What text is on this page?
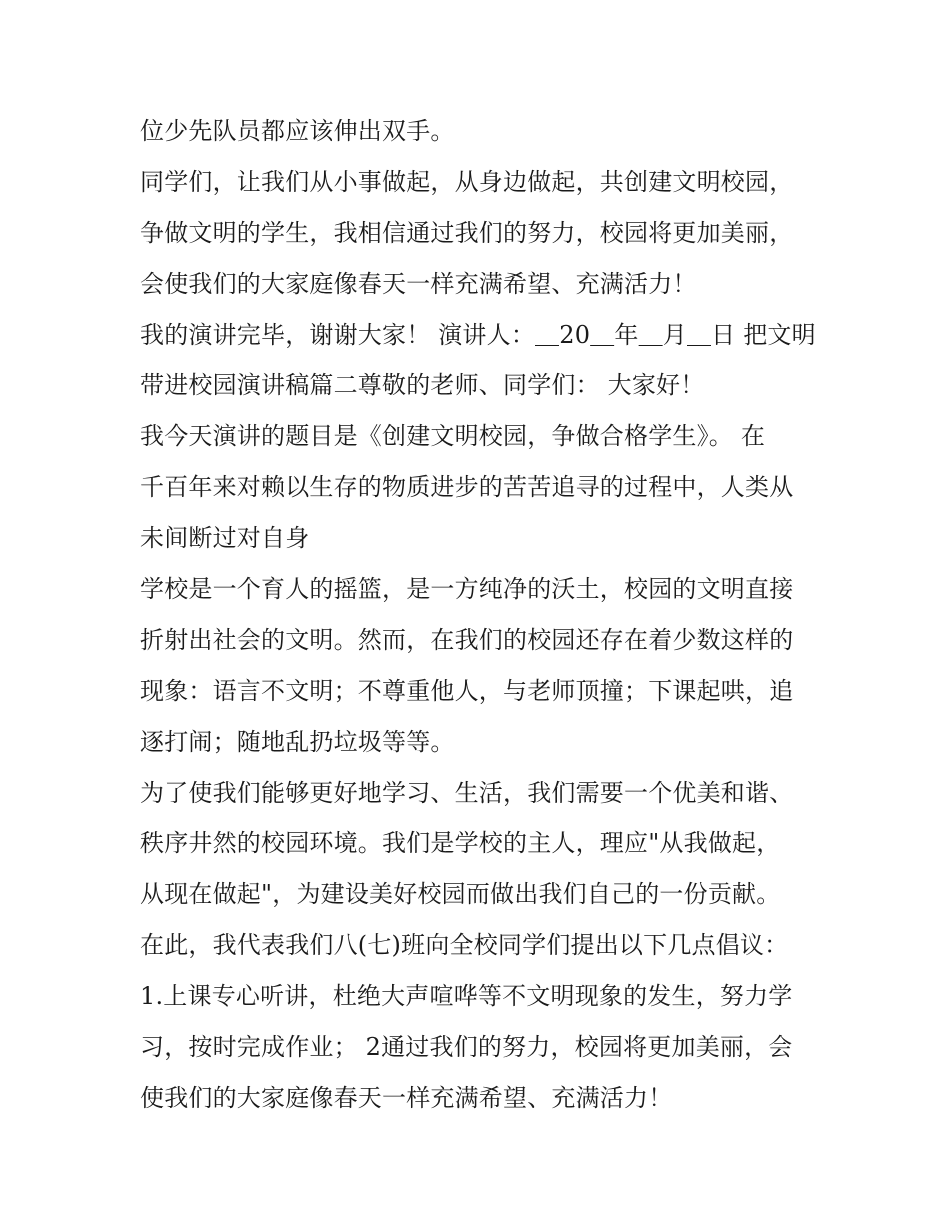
位少先队员都应该伸出双手。
同学们，让我们从小事做起，从身边做起，共创建文明校园，
争做文明的学生，我相信通过我们的努力，校园将更加美丽，
会使我们的大家庭像春天一样充满希望、充满活力！
我的演讲完毕，谢谢大家！ 演讲人：＿20＿年＿月＿日 把文明
带进校园演讲稿篇二尊敬的老师、同学们： 大家好！
我今天演讲的题目是《创建文明校园，争做合格学生》。 在
千百年来对赖以生存的物质进步的苦苦追寻的过程中，人类从
未间断过对自身
学校是一个育人的摇篮，是一方纯净的沃土，校园的文明直接
折射出社会的文明。然而，在我们的校园还存在着少数这样的
现象：语言不文明；不尊重他人，与老师顶撞；下课起哄，追
逐打闹；随地乱扔垃圾等等。
为了使我们能够更好地学习、生活，我们需要一个优美和谐、
秩序井然的校园环境。我们是学校的主人，理应"从我做起，
从现在做起"，为建设美好校园而做出我们自己的一份贡献。
在此，我代表我们八(七)班向全校同学们提出以下几点倡议：
1.上课专心听讲，杜绝大声喧哗等不文明现象的发生，努力学
习，按时完成作业； 2通过我们的努力，校园将更加美丽，会
使我们的大家庭像春天一样充满希望、充满活力！
